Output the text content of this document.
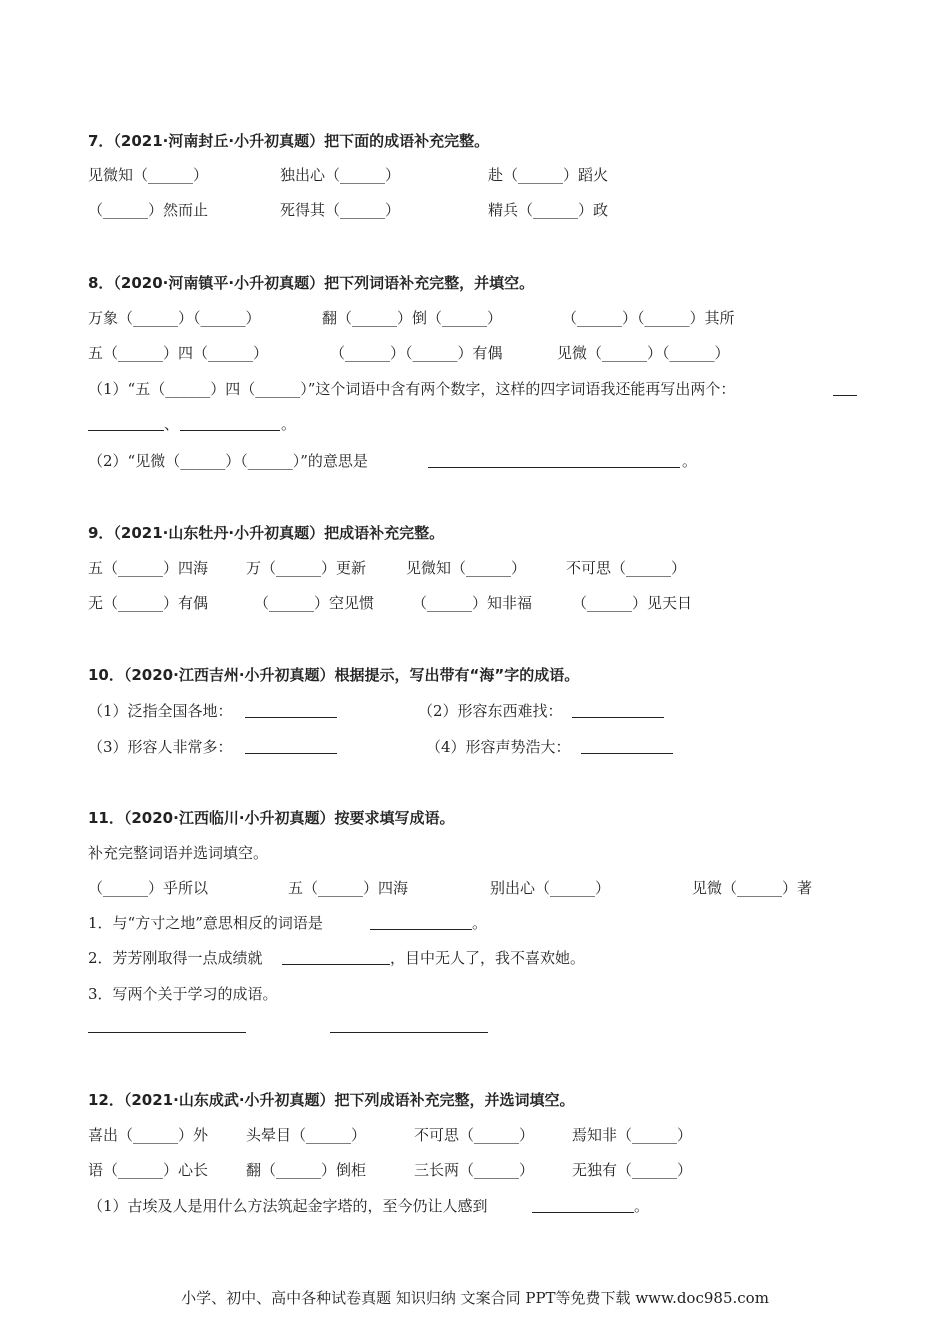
7．（2021·河南封丘·小升初真题）把下面的成语补充完整。
见微知（______）	独出心（______）	赴（______）蹈火
（______）然而止	死得其（______）	精兵（______）政
8．（2020·河南镇平·小升初真题）把下列词语补充完整，并填空。
万象（______）（______）	翻（______）倒（______）	（______）（______）其所
五（______）四（______）	（______）（______）有偶	见微（______）（______）
（1）“五（______）四（______）”这个词语中含有两个数字，这样的四字词语我还能再写出两个：
、	。
（2）“见微（______）（______）”的意思是	。
9．（2021·山东牡丹·小升初真题）把成语补充完整。
五（______）四海	万（______）更新	见微知（______）	不可思（______）
无（______）有偶	（______）空见惯	（______）知非福	（______）见天日
10．（2020·江西吉州·小升初真题）根据提示，写出带有“海”字的成语。
（1）泛指全国各地：	（2）形容东西难找：
（3）形容人非常多：	（4）形容声势浩大：
11．（2020·江西临川·小升初真题）按要求填写成语。
补充完整词语并选词填空。
（______）乎所以	五（______）四海	别出心（______）	见微（______）著
1．与“方寸之地”意思相反的词语是	。
2．芳芳刚取得一点成绩就	，目中无人了，我不喜欢她。
3．写两个关于学习的成语。
12．（2021·山东成武·小升初真题）把下列成语补充完整，并选词填空。
喜出（______）外	头晕目（______）	不可思（______）	焉知非（______）
语（______）心长	翻（______）倒柜	三长两（______）	无独有（______）
（1）古埃及人是用什么方法筑起金字塔的，至今仍让人感到	。
小学、初中、高中各种试卷真题 知识归纳 文案合同 PPT等免费下载 www.doc985.com
